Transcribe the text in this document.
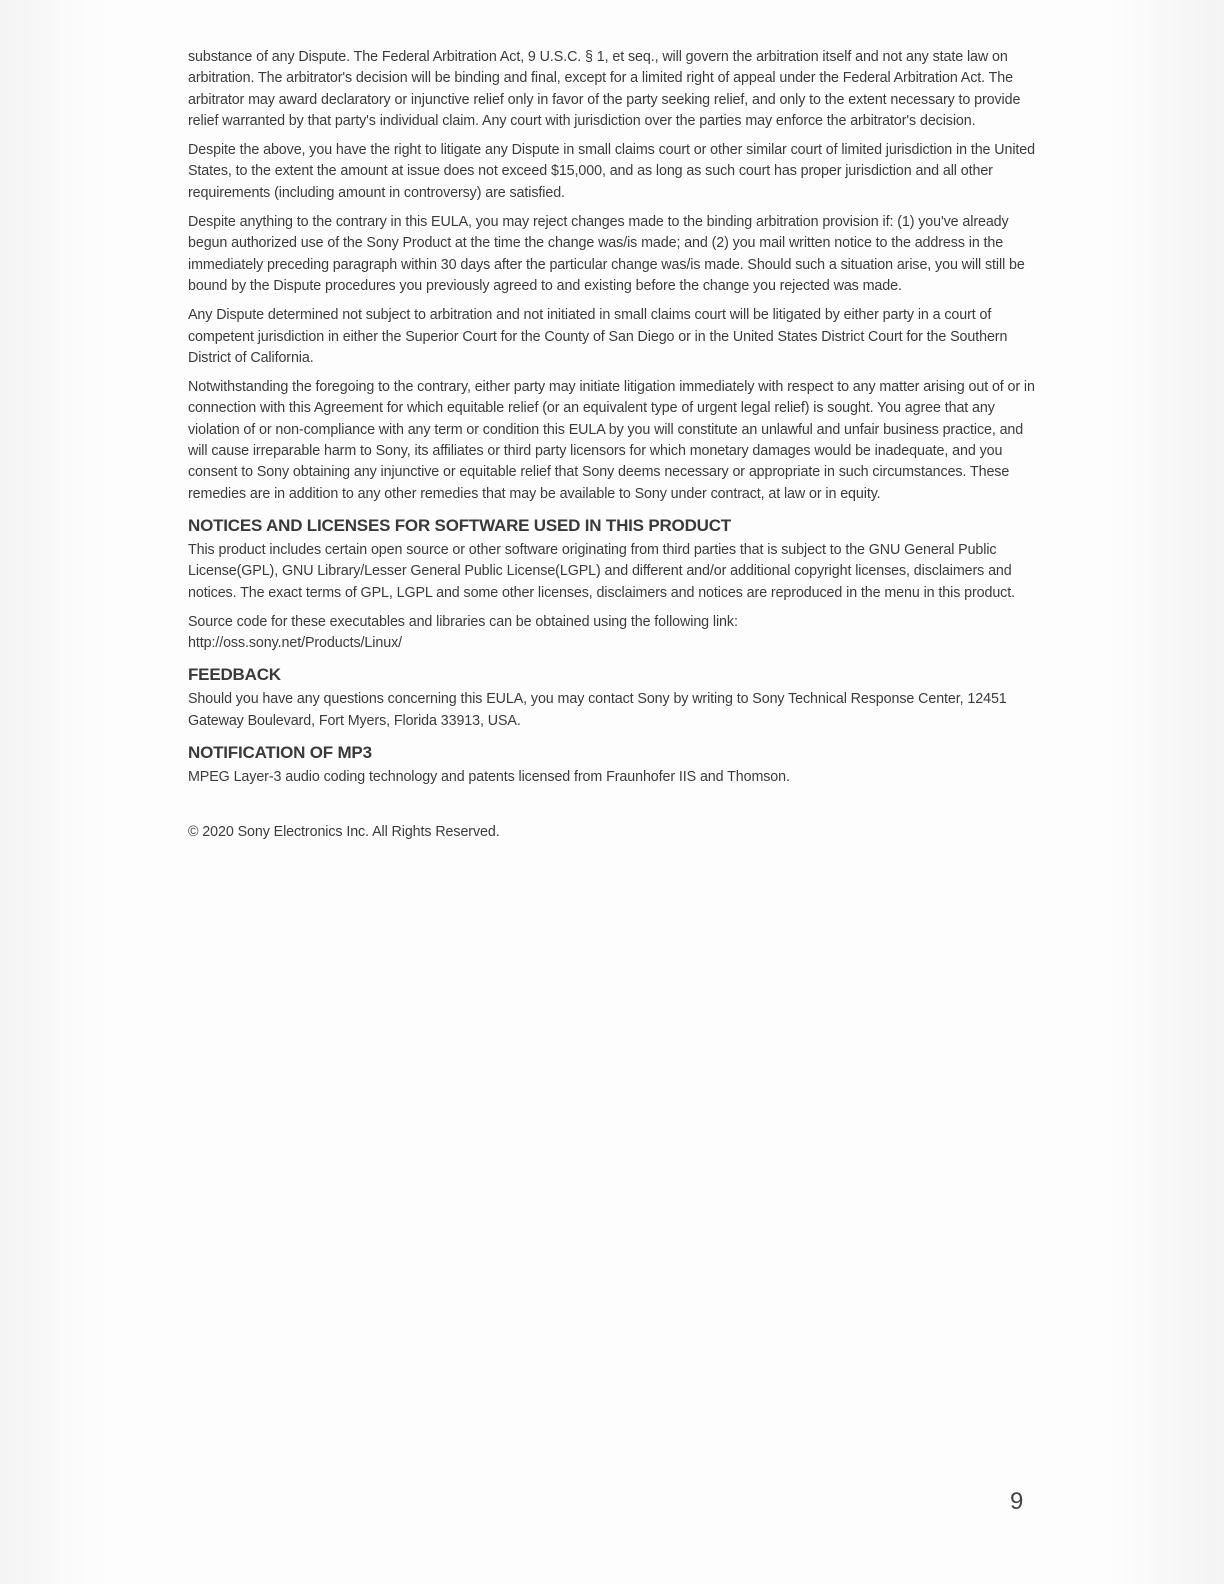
substance of any Dispute. The Federal Arbitration Act, 9 U.S.C. § 1, et seq., will govern the arbitration itself and not any state law on arbitration. The arbitrator's decision will be binding and final, except for a limited right of appeal under the Federal Arbitration Act. The arbitrator may award declaratory or injunctive relief only in favor of the party seeking relief, and only to the extent necessary to provide relief warranted by that party's individual claim. Any court with jurisdiction over the parties may enforce the arbitrator's decision.

Despite the above, you have the right to litigate any Dispute in small claims court or other similar court of limited jurisdiction in the United States, to the extent the amount at issue does not exceed $15,000, and as long as such court has proper jurisdiction and all other requirements (including amount in controversy) are satisfied.

Despite anything to the contrary in this EULA, you may reject changes made to the binding arbitration provision if: (1) you've already begun authorized use of the Sony Product at the time the change was/is made; and (2) you mail written notice to the address in the immediately preceding paragraph within 30 days after the particular change was/is made. Should such a situation arise, you will still be bound by the Dispute procedures you previously agreed to and existing before the change you rejected was made.

Any Dispute determined not subject to arbitration and not initiated in small claims court will be litigated by either party in a court of competent jurisdiction in either the Superior Court for the County of San Diego or in the United States District Court for the Southern District of California.

Notwithstanding the foregoing to the contrary, either party may initiate litigation immediately with respect to any matter arising out of or in connection with this Agreement for which equitable relief (or an equivalent type of urgent legal relief) is sought. You agree that any violation of or non-compliance with any term or condition this EULA by you will constitute an unlawful and unfair business practice, and will cause irreparable harm to Sony, its affiliates or third party licensors for which monetary damages would be inadequate, and you consent to Sony obtaining any injunctive or equitable relief that Sony deems necessary or appropriate in such circumstances. These remedies are in addition to any other remedies that may be available to Sony under contract, at law or in equity.

NOTICES AND LICENSES FOR SOFTWARE USED IN THIS PRODUCT

This product includes certain open source or other software originating from third parties that is subject to the GNU General Public License(GPL), GNU Library/Lesser General Public License(LGPL) and different and/or additional copyright licenses, disclaimers and notices. The exact terms of GPL, LGPL and some other licenses, disclaimers and notices are reproduced in the menu in this product.

Source code for these executables and libraries can be obtained using the following link:
http://oss.sony.net/Products/Linux/

FEEDBACK

Should you have any questions concerning this EULA, you may contact Sony by writing to Sony Technical Response Center, 12451 Gateway Boulevard, Fort Myers, Florida 33913, USA.

NOTIFICATION OF MP3

MPEG Layer-3 audio coding technology and patents licensed from Fraunhofer IIS and Thomson.

© 2020 Sony Electronics Inc. All Rights Reserved.

9
